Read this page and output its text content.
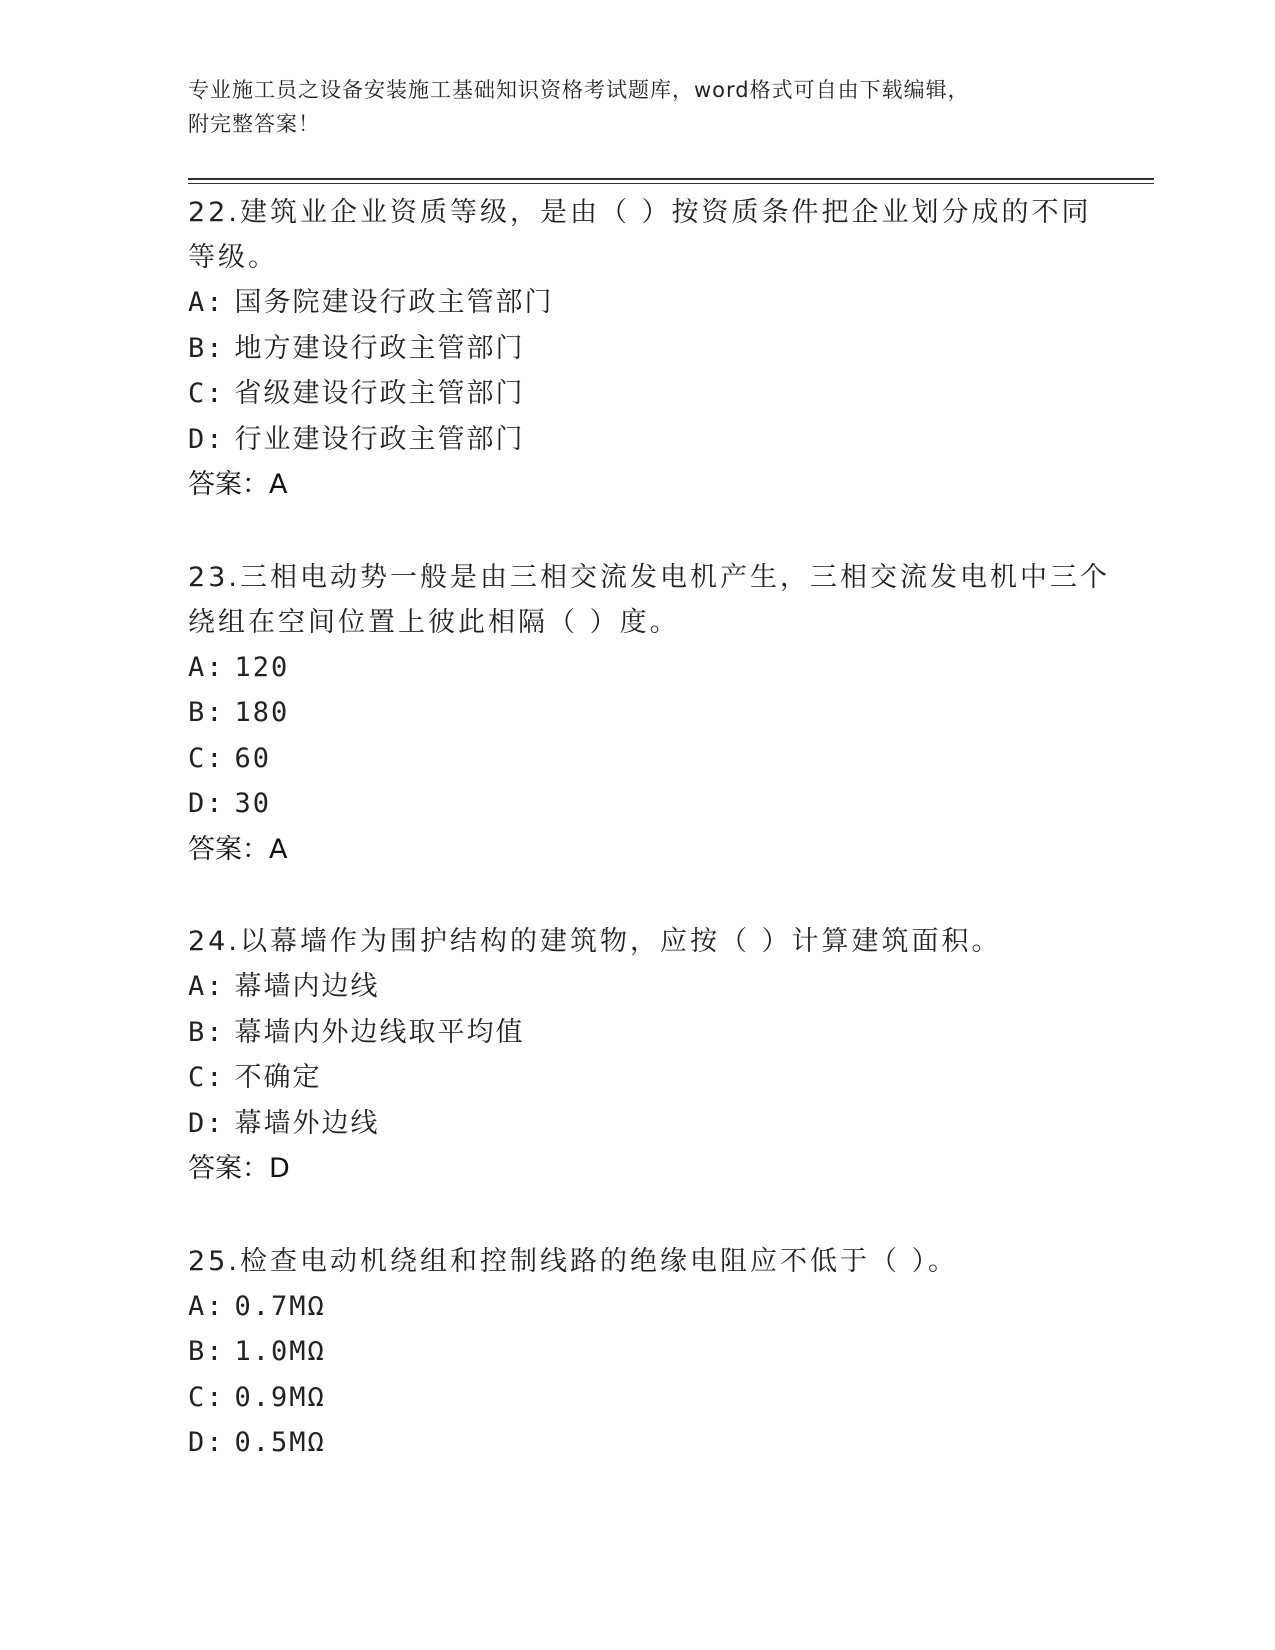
专业施工员之设备安装施工基础知识资格考试题库，word格式可自由下载编辑，
附完整答案！
22.建筑业企业资质等级，是由（ ）按资质条件把企业划分成的不同
等级。
A: 国务院建设行政主管部门
B: 地方建设行政主管部门
C: 省级建设行政主管部门
D: 行业建设行政主管部门
答案：A
23.三相电动势一般是由三相交流发电机产生，三相交流发电机中三个
绕组在空间位置上彼此相隔（ ）度。
A: 120
B: 180
C: 60
D: 30
答案：A
24.以幕墙作为围护结构的建筑物，应按（ ）计算建筑面积。
A: 幕墙内边线
B: 幕墙内外边线取平均值
C: 不确定
D: 幕墙外边线
答案：D
25.检查电动机绕组和控制线路的绝缘电阻应不低于（ ）。
A: 0.7MΩ
B: 1.0MΩ
C: 0.9MΩ
D: 0.5MΩ
